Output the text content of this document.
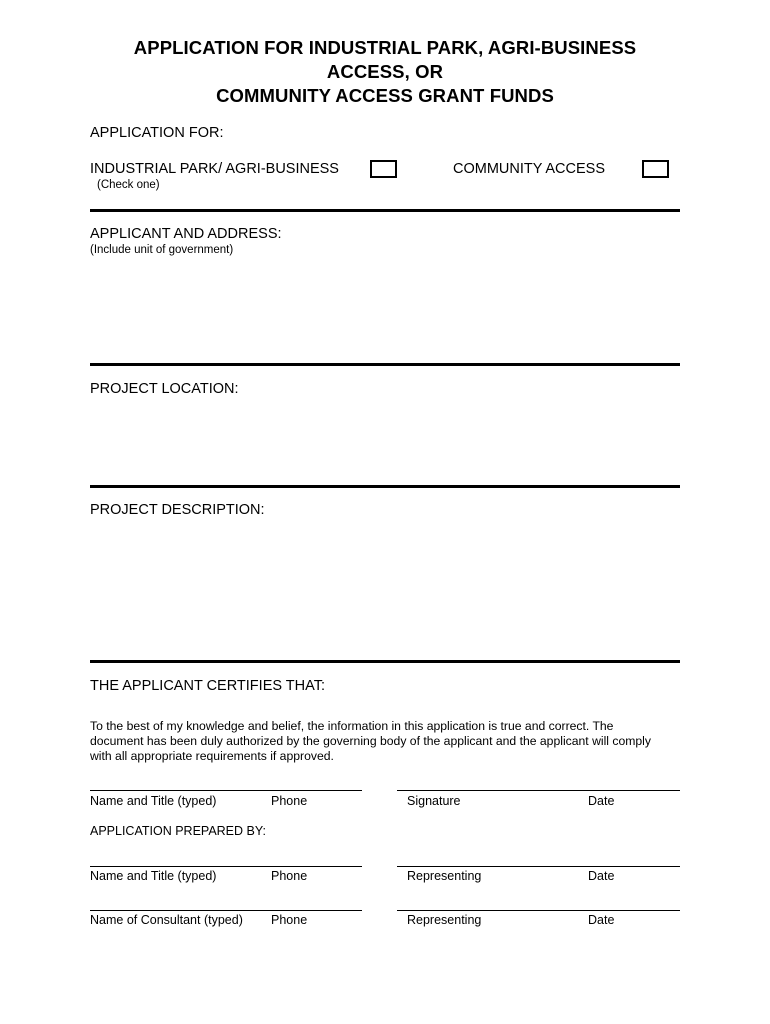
APPLICATION FOR INDUSTRIAL PARK, AGRI-BUSINESS
ACCESS, OR
COMMUNITY ACCESS GRANT FUNDS
APPLICATION FOR:
INDUSTRIAL PARK/ AGRI-BUSINESS
(Check one)
COMMUNITY ACCESS
APPLICANT AND ADDRESS:
(Include unit of government)
PROJECT LOCATION:
PROJECT DESCRIPTION:
THE APPLICANT CERTIFIES THAT:
To the best of my knowledge and belief, the information in this application is true and correct. The
document has been duly authorized by the governing body of the applicant and the applicant will comply
with all appropriate requirements if approved.
Name and Title (typed)	Phone	Signature	Date
APPLICATION PREPARED BY:
Name and Title (typed)	Phone	Representing	Date
Name of Consultant (typed) Phone	Representing	Date
